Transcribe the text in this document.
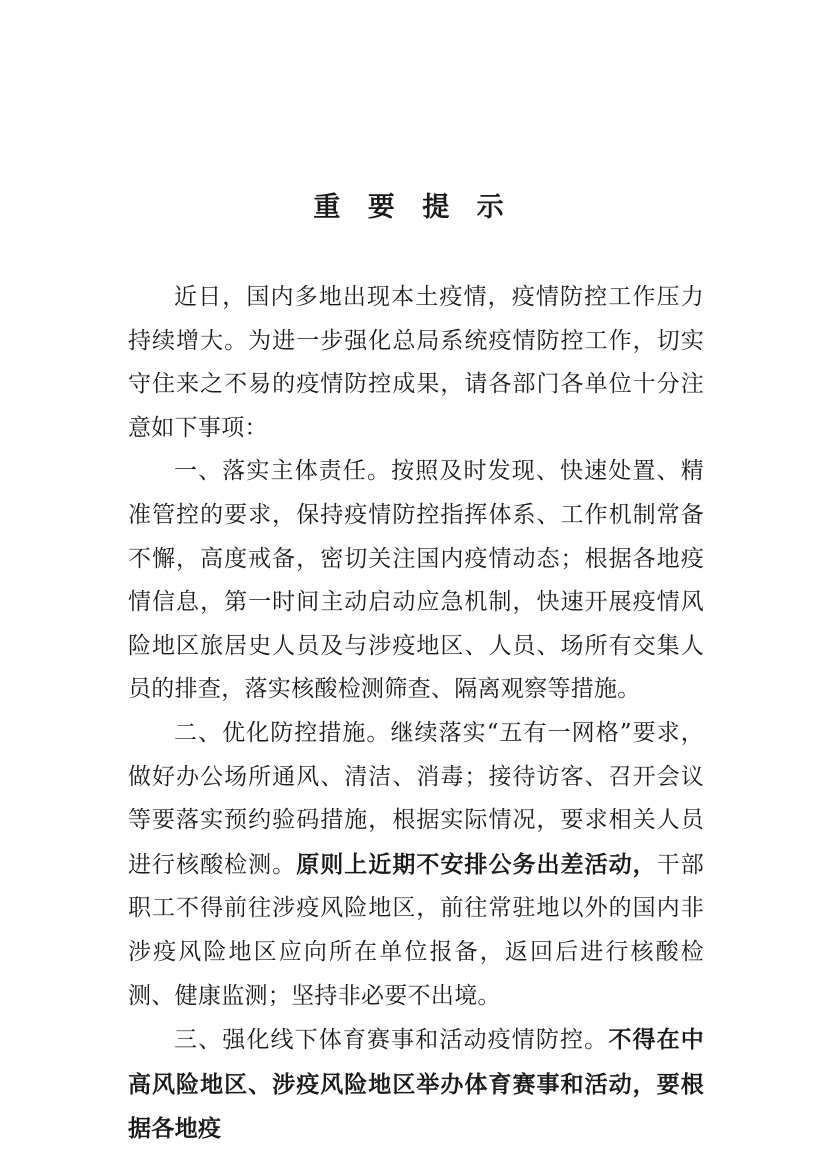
重 要 提 示

近日，国内多地出现本土疫情，疫情防控工作压力持续增大。为进一步强化总局系统疫情防控工作，切实守住来之不易的疫情防控成果，请各部门各单位十分注意如下事项：

一、落实主体责任。按照及时发现、快速处置、精准管控的要求，保持疫情防控指挥体系、工作机制常备不懈，高度戒备，密切关注国内疫情动态；根据各地疫情信息，第一时间主动启动应急机制，快速开展疫情风险地区旅居史人员及与涉疫地区、人员、场所有交集人员的排查，落实核酸检测筛查、隔离观察等措施。

二、优化防控措施。继续落实“五有一网格”要求，做好办公场所通风、清洁、消毒；接待访客、召开会议等要落实预约验码措施，根据实际情况，要求相关人员进行核酸检测。原则上近期不安排公务出差活动，干部职工不得前往涉疫风险地区，前往常驻地以外的国内非涉疫风险地区应向所在单位报备，返回后进行核酸检测、健康监测；坚持非必要不出境。

三、强化线下体育赛事和活动疫情防控。不得在中高风险地区、涉疫风险地区举办体育赛事和活动，要根据各地疫
